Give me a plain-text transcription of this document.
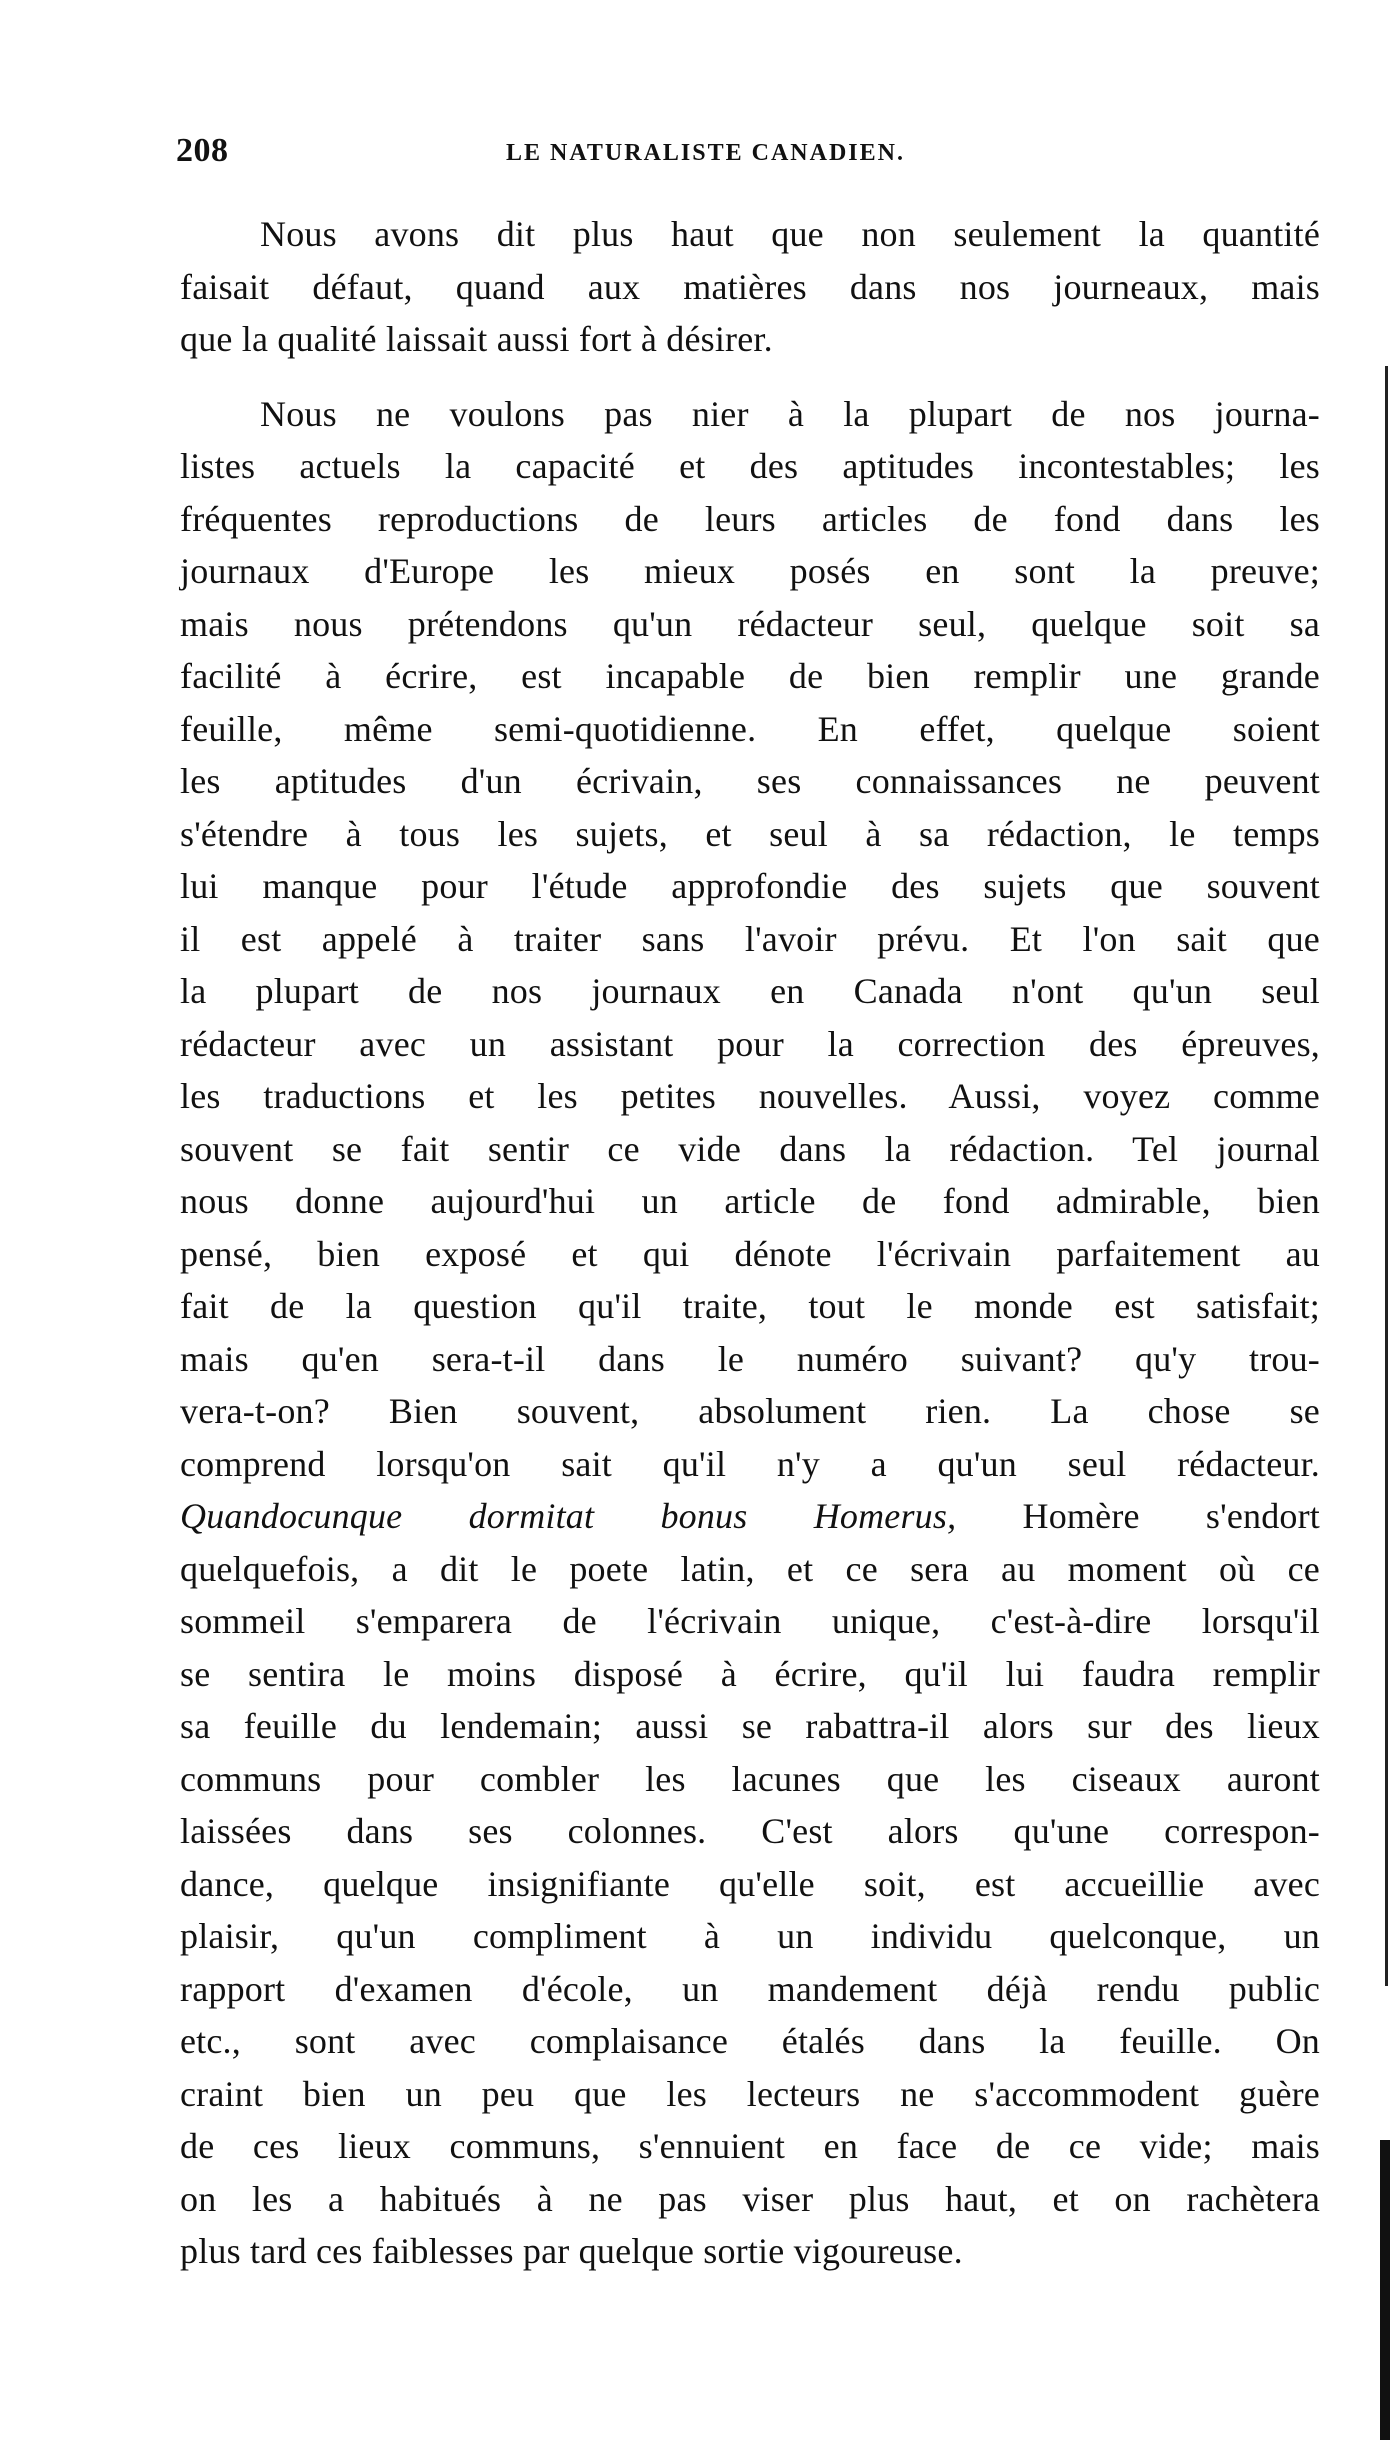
208	LE NATURALISTE CANADIEN.

Nous avons dit plus haut que non seulement la quantité
faisait défaut, quand aux matières dans nos journeaux, mais
que la qualité laissait aussi fort à désirer.

Nous ne voulons pas nier à la plupart de nos journa-
listes actuels la capacité et des aptitudes incontestables; les
fréquentes reproductions de leurs articles de fond dans les
journaux d'Europe les mieux posés en sont la preuve;
mais nous prétendons qu'un rédacteur seul, quelque soit sa
facilité à écrire, est incapable de bien remplir une grande
feuille, même semi-quotidienne. En effet, quelque soient
les aptitudes d'un écrivain, ses connaissances ne peuvent
s'étendre à tous les sujets, et seul à sa rédaction, le temps
lui manque pour l'étude approfondie des sujets que souvent
il est appelé à traiter sans l'avoir prévu. Et l'on sait que
la plupart de nos journaux en Canada n'ont qu'un seul
rédacteur avec un assistant pour la correction des épreuves,
les traductions et les petites nouvelles. Aussi, voyez comme
souvent se fait sentir ce vide dans la rédaction. Tel journal
nous donne aujourd'hui un article de fond admirable, bien
pensé, bien exposé et qui dénote l'écrivain parfaitement au
fait de la question qu'il traite, tout le monde est satisfait;
mais qu'en sera-t-il dans le numéro suivant? qu'y trou-
vera-t-on? Bien souvent, absolument rien. La chose se
comprend lorsqu'on sait qu'il n'y a qu'un seul rédacteur.
Quandocunque dormitat bonus Homerus, Homère s'endort
quelquefois, a dit le poete latin, et ce sera au moment où ce
sommeil s'emparera de l'écrivain unique, c'est-à-dire lorsqu'il
se sentira le moins disposé à écrire, qu'il lui faudra remplir
sa feuille du lendemain; aussi se rabattra-il alors sur des lieux
communs pour combler les lacunes que les ciseaux auront
laissées dans ses colonnes. C'est alors qu'une correspon-
dance, quelque insignifiante qu'elle soit, est accueillie avec
plaisir, qu'un compliment à un individu quelconque, un
rapport d'examen d'école, un mandement déjà rendu public
etc., sont avec complaisance étalés dans la feuille. On
craint bien un peu que les lecteurs ne s'accommodent guère
de ces lieux communs, s'ennuient en face de ce vide; mais
on les a habitués à ne pas viser plus haut, et on rachètera
plus tard ces faiblesses par quelque sortie vigoureuse.
